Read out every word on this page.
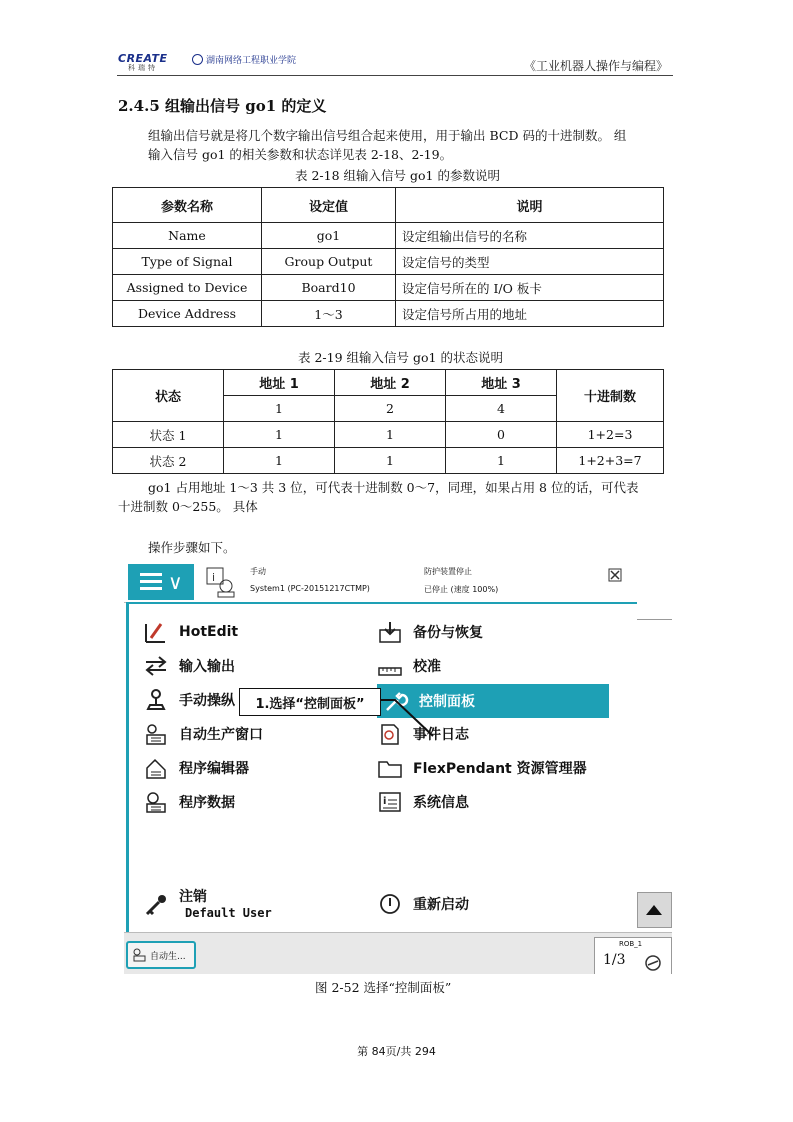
CREATE
科瑞特
湖南网络工程职业学院	《工业机器人操作与编程》
2.4.5 组输出信号 go1 的定义
组输出信号就是将几个数字输出信号组合起来使用，用于输出 BCD 码的十进制数。 组
输入信号 go1 的相关参数和状态详见表 2-18、2-19。
表 2-18 组输入信号 go1 的参数说明
参数名称	设定值	说明
Name	go1	设定组输出信号的名称
Type of Signal	Group Output	设定信号的类型
Assigned to Device	Board10	设定信号所在的 I/O 板卡
Device Address	1～3	设定信号所占用的地址
表 2-19 组输入信号 go1 的状态说明
状态	地址 1	地址 2	地址 3	十进制数
	1	2	4	
状态 1	1	1	0	1+2=3
状态 2	1	1	1	1+2+3=7
go1 占用地址 1～3 共 3 位，可代表十进制数 0～7，同理，如果占用 8 位的话，可代表
十进制数 0～255。 具体
操作步骤如下。
∨	i	手动
System1 (PC-20151217CTMP)
防护装置停止
已停止 (速度 100%)
HotEdit
输入输出
手动操纵
自动生产窗口
程序编辑器
程序数据
备份与恢复
校准
控制面板
事件日志
FlexPendant 资源管理器
i 系统信息
1.选择“控制面板”
注销
Default User	重新启动
自动生...
ROB_1
1/3
图 2-52 选择“控制面板”
第 84页/共 294
